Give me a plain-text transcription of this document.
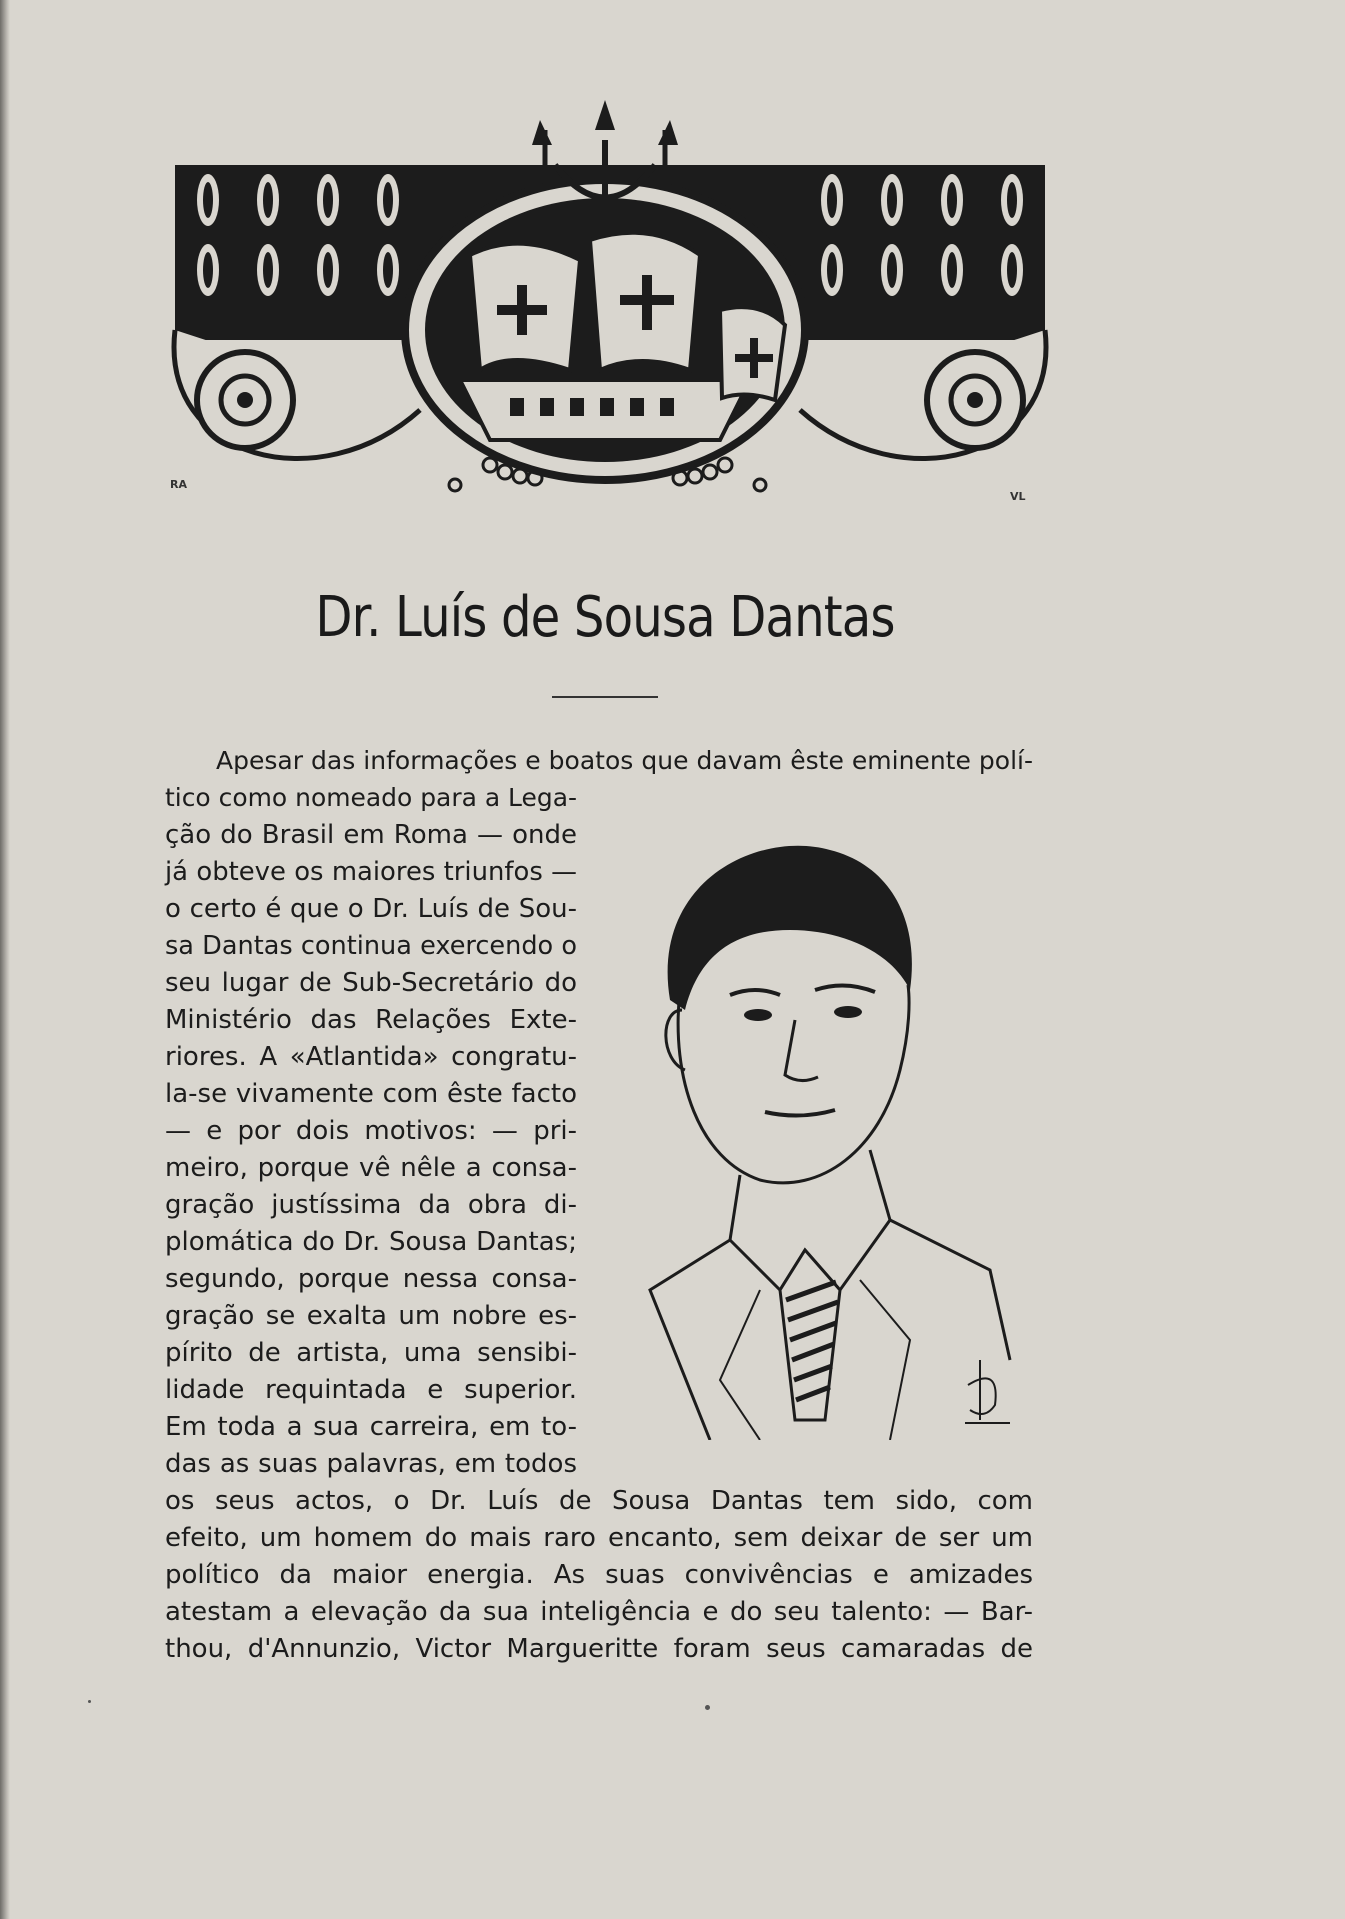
RA
VL
Dr. Luís de Sousa Dantas
Apesar das informações e boatos que davam êste eminente polí-
tico como nomeado para a Lega-
ção do Brasil em Roma — onde
já obteve os maiores triunfos —
o certo é que o Dr. Luís de Sou-
sa Dantas continua exercendo o
seu lugar de Sub-Secretário do
Ministério das Relações Exte-
riores. A «Atlantida» congratu-
la-se vivamente com êste facto
— e por dois motivos: — pri-
meiro, porque vê nêle a consa-
gração justíssima da obra di-
plomática do Dr. Sousa Dantas;
segundo, porque nessa consa-
gração se exalta um nobre es-
pírito de artista, uma sensibi-
lidade requintada e superior.
Em toda a sua carreira, em to-
das as suas palavras, em todos
os seus actos, o Dr. Luís de Sousa Dantas tem sido, com
efeito, um homem do mais raro encanto, sem deixar de ser um
político da maior energia. As suas convivências e amizades
atestam a elevação da sua inteligência e do seu talento: — Bar-
thou, d'Annunzio, Victor Margueritte foram seus camaradas de
